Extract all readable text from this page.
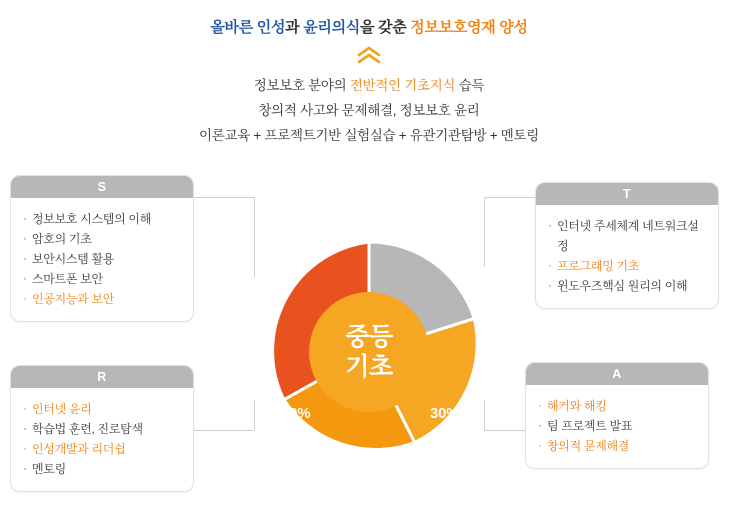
올바른 인성과 윤리의식을 갖춘 정보보호영재 양성
정보보호 분야의 전반적인 기초지식 습득
창의적 사고와 문제해결, 정보보호 윤리
이론교육 + 프로젝트기반 실험실습 + 유관기관탐방 + 멘토링
중등
기초
10%
30%
30%
30%
S
· 정보보호 시스템의 이해
· 암호의 기초
· 보안시스템 활용
· 스마트폰 보안
· 인공지능과 보안
T
· 인터넷 주세체계 네트워크설정
· 프로그래밍 기초
· 윈도우즈핵심 원리의 이해
R
· 인터넷 윤리
· 학습법 훈련, 진로탐색
· 인성개발과 리더쉽
· 멘토링
A
· 해커와 해킹
· 팀 프로젝트 발표
· 창의적 문제해결
